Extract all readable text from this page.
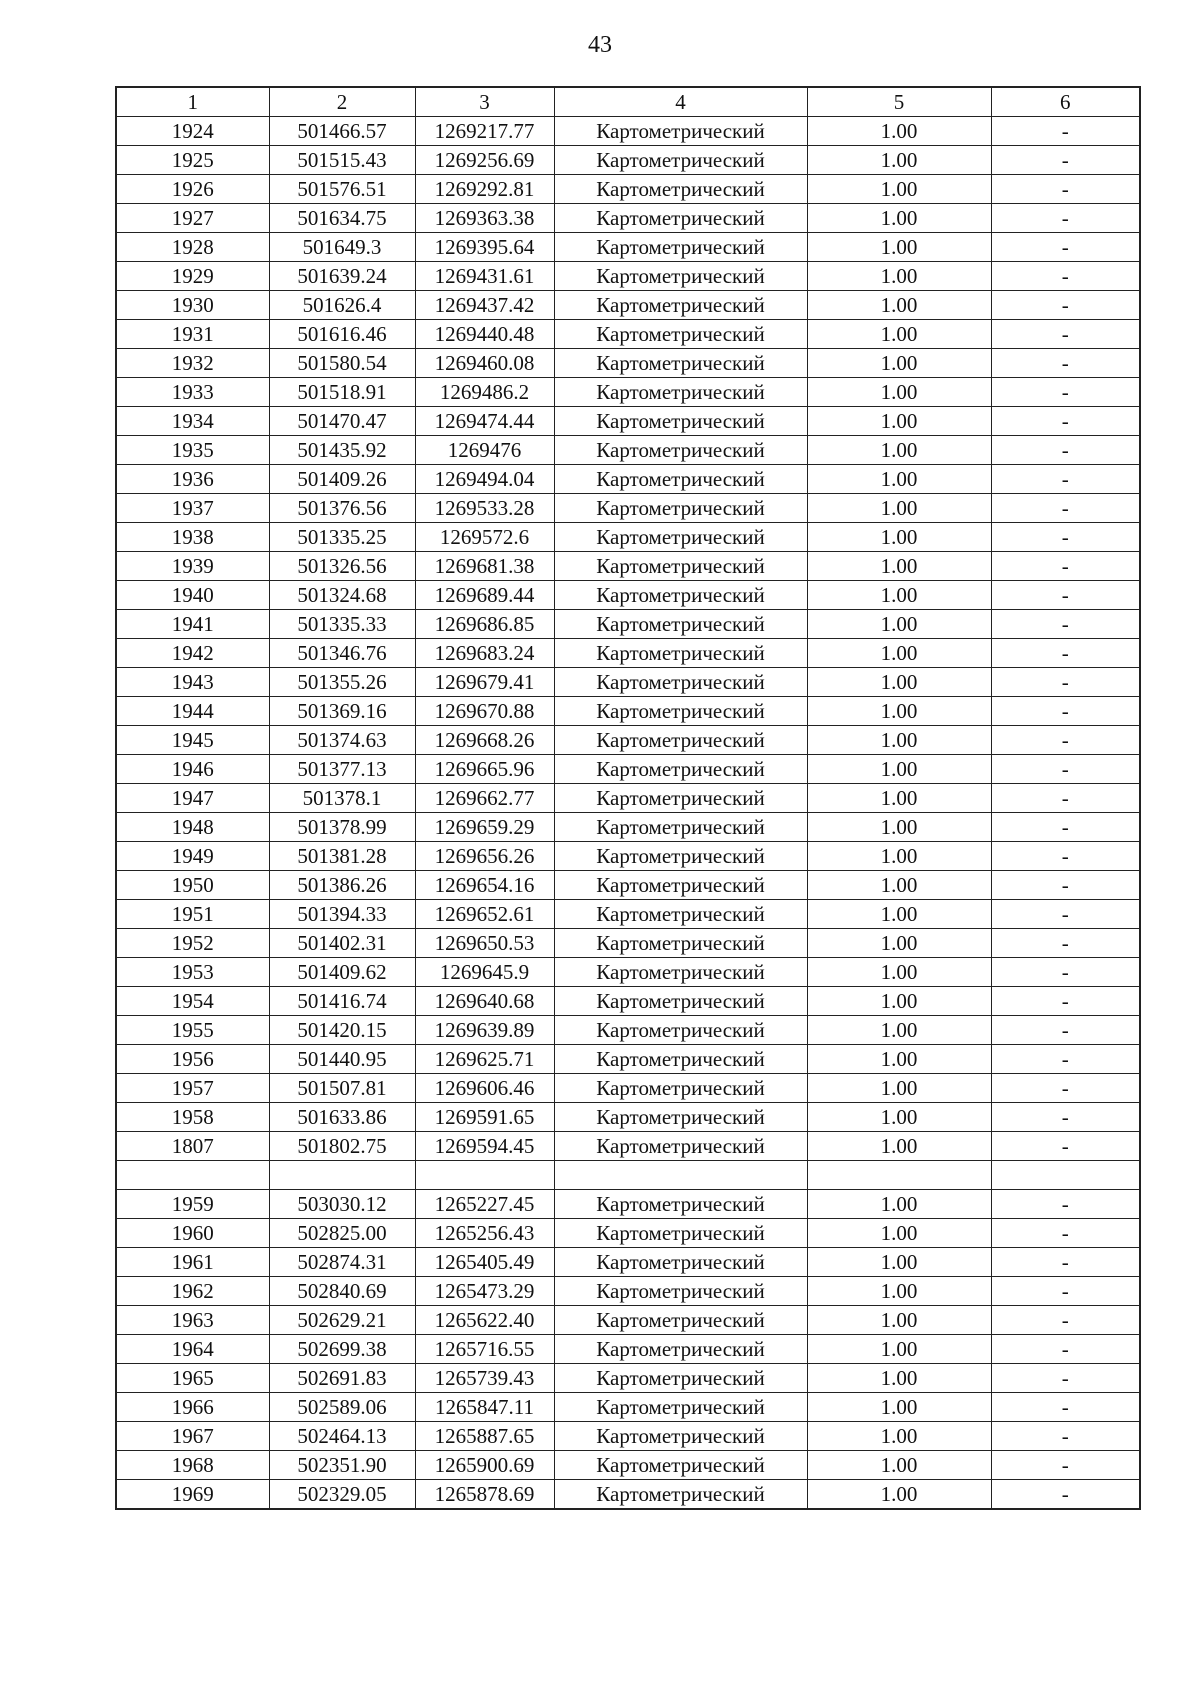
43
1	2	3	4	5	6
1924	501466.57	1269217.77	Картометрический	1.00	-
1925	501515.43	1269256.69	Картометрический	1.00	-
1926	501576.51	1269292.81	Картометрический	1.00	-
1927	501634.75	1269363.38	Картометрический	1.00	-
1928	501649.3	1269395.64	Картометрический	1.00	-
1929	501639.24	1269431.61	Картометрический	1.00	-
1930	501626.4	1269437.42	Картометрический	1.00	-
1931	501616.46	1269440.48	Картометрический	1.00	-
1932	501580.54	1269460.08	Картометрический	1.00	-
1933	501518.91	1269486.2	Картометрический	1.00	-
1934	501470.47	1269474.44	Картометрический	1.00	-
1935	501435.92	1269476	Картометрический	1.00	-
1936	501409.26	1269494.04	Картометрический	1.00	-
1937	501376.56	1269533.28	Картометрический	1.00	-
1938	501335.25	1269572.6	Картометрический	1.00	-
1939	501326.56	1269681.38	Картометрический	1.00	-
1940	501324.68	1269689.44	Картометрический	1.00	-
1941	501335.33	1269686.85	Картометрический	1.00	-
1942	501346.76	1269683.24	Картометрический	1.00	-
1943	501355.26	1269679.41	Картометрический	1.00	-
1944	501369.16	1269670.88	Картометрический	1.00	-
1945	501374.63	1269668.26	Картометрический	1.00	-
1946	501377.13	1269665.96	Картометрический	1.00	-
1947	501378.1	1269662.77	Картометрический	1.00	-
1948	501378.99	1269659.29	Картометрический	1.00	-
1949	501381.28	1269656.26	Картометрический	1.00	-
1950	501386.26	1269654.16	Картометрический	1.00	-
1951	501394.33	1269652.61	Картометрический	1.00	-
1952	501402.31	1269650.53	Картометрический	1.00	-
1953	501409.62	1269645.9	Картометрический	1.00	-
1954	501416.74	1269640.68	Картометрический	1.00	-
1955	501420.15	1269639.89	Картометрический	1.00	-
1956	501440.95	1269625.71	Картометрический	1.00	-
1957	501507.81	1269606.46	Картометрический	1.00	-
1958	501633.86	1269591.65	Картометрический	1.00	-
1807	501802.75	1269594.45	Картометрический	1.00	-

1959	503030.12	1265227.45	Картометрический	1.00	-
1960	502825.00	1265256.43	Картометрический	1.00	-
1961	502874.31	1265405.49	Картометрический	1.00	-
1962	502840.69	1265473.29	Картометрический	1.00	-
1963	502629.21	1265622.40	Картометрический	1.00	-
1964	502699.38	1265716.55	Картометрический	1.00	-
1965	502691.83	1265739.43	Картометрический	1.00	-
1966	502589.06	1265847.11	Картометрический	1.00	-
1967	502464.13	1265887.65	Картометрический	1.00	-
1968	502351.90	1265900.69	Картометрический	1.00	-
1969	502329.05	1265878.69	Картометрический	1.00	-
